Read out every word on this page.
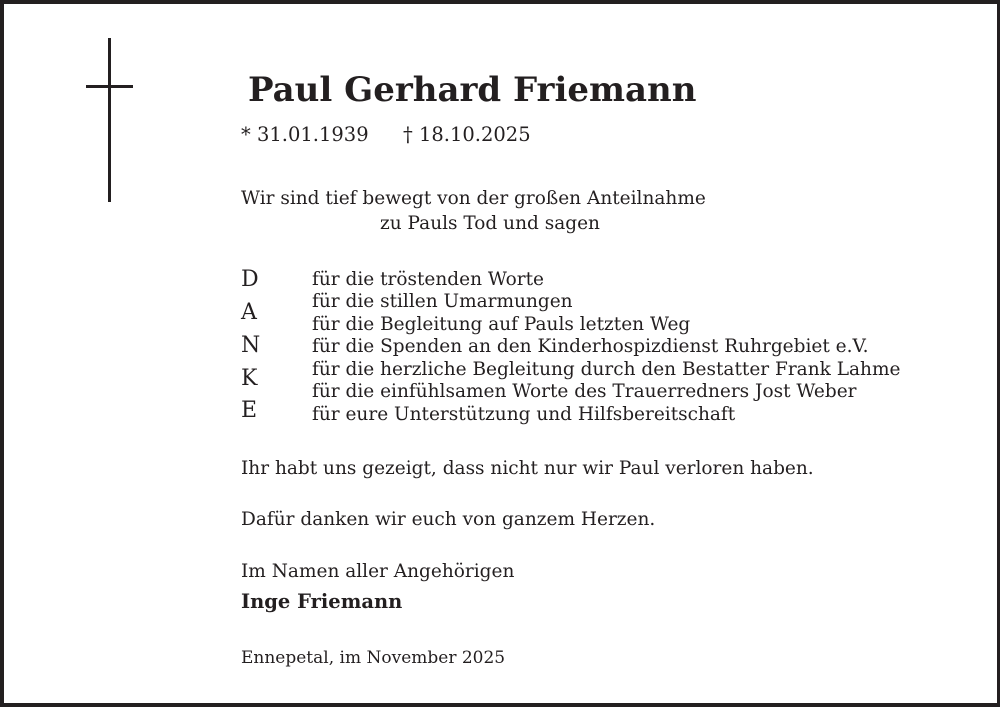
Paul Gerhard Friemann
* 31.01.1939 † 18.10.2025
Wir sind tief bewegt von der großen Anteilnahme
zu Pauls Tod und sagen
D
A
N
K
E
für die tröstenden Worte
für die stillen Umarmungen
für die Begleitung auf Pauls letzten Weg
für die Spenden an den Kinderhospizdienst Ruhrgebiet e.V.
für die herzliche Begleitung durch den Bestatter Frank Lahme
für die einfühlsamen Worte des Trauerredners Jost Weber
für eure Unterstützung und Hilfsbereitschaft
Ihr habt uns gezeigt, dass nicht nur wir Paul verloren haben.
Dafür danken wir euch von ganzem Herzen.
Im Namen aller Angehörigen
Inge Friemann
Ennepetal, im November 2025
